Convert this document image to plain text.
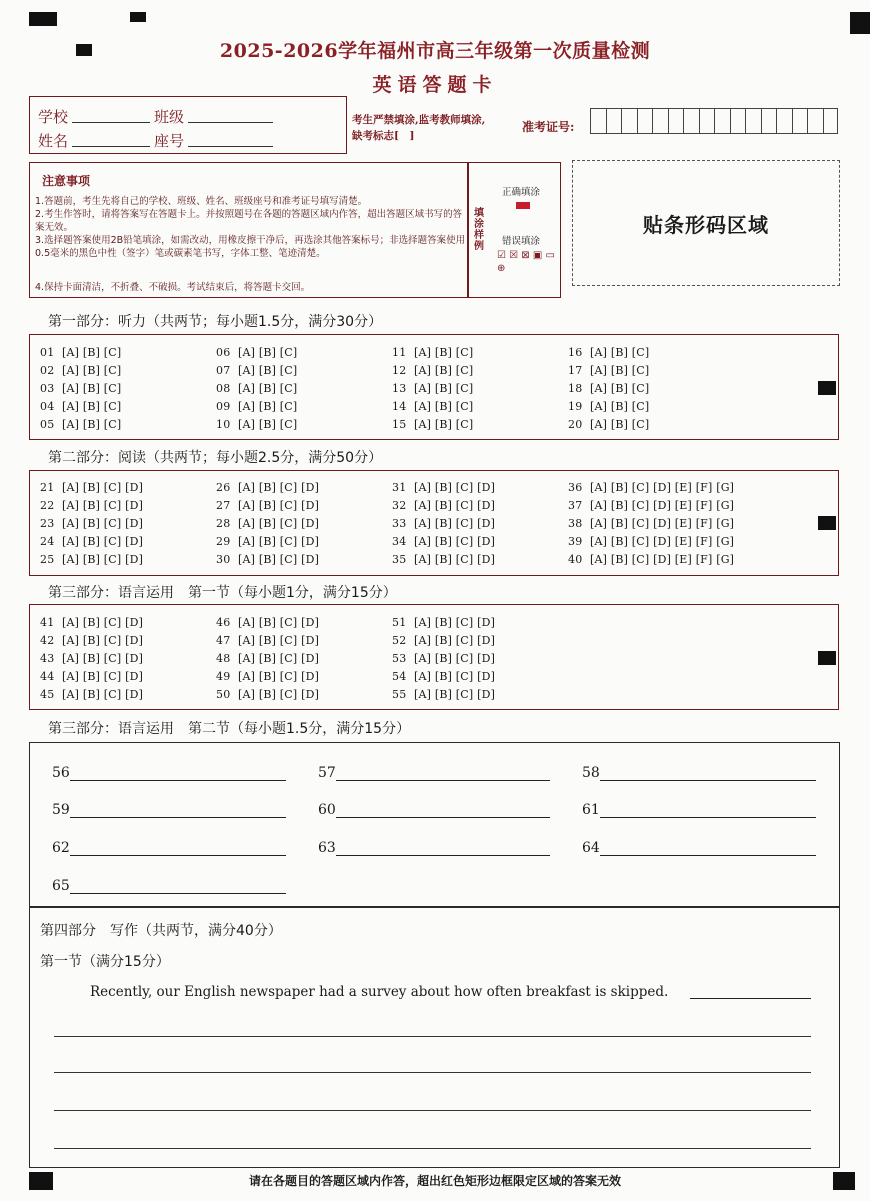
2025-2026学年福州市高三年级第一次质量检测
英语答题卡
学校	班级
姓名	座号
考生严禁填涂,监考教师填涂,
缺考标志[　]
准考证号:
注意事项
1.答题前，考生先将自己的学校、班级、姓名、班级座号和准考证号填写清楚。
2.考生作答时，请将答案写在答题卡上。并按照题号在各题的答题区域内作答，超出答题区域书写的答案无效。
3.选择题答案使用2B铅笔填涂，如需改动，用橡皮擦干净后，再选涂其他答案标号；非选择题答案使用0.5毫米的黑色中性（签字）笔或碳素笔书写，字体工整、笔迹清楚。
4.保持卡面清洁，不折叠、不破损。考试结束后，将答题卡交回。
填涂样例
正确填涂
错误填涂
☑ ☒ ⊠ ▣ ▭ ⊕
贴条形码区域
第一部分：听力（共两节；每小题1.5分，满分30分）
01 [A] [B] [C]
02 [A] [B] [C]
03 [A] [B] [C]
04 [A] [B] [C]
05 [A] [B] [C]
06 [A] [B] [C]
07 [A] [B] [C]
08 [A] [B] [C]
09 [A] [B] [C]
10 [A] [B] [C]
11 [A] [B] [C]
12 [A] [B] [C]
13 [A] [B] [C]
14 [A] [B] [C]
15 [A] [B] [C]
16 [A] [B] [C]
17 [A] [B] [C]
18 [A] [B] [C]
19 [A] [B] [C]
20 [A] [B] [C]
第二部分：阅读（共两节；每小题2.5分，满分50分）
21 [A] [B] [C] [D]
22 [A] [B] [C] [D]
23 [A] [B] [C] [D]
24 [A] [B] [C] [D]
25 [A] [B] [C] [D]
26 [A] [B] [C] [D]
27 [A] [B] [C] [D]
28 [A] [B] [C] [D]
29 [A] [B] [C] [D]
30 [A] [B] [C] [D]
31 [A] [B] [C] [D]
32 [A] [B] [C] [D]
33 [A] [B] [C] [D]
34 [A] [B] [C] [D]
35 [A] [B] [C] [D]
36 [A] [B] [C] [D] [E] [F] [G]
37 [A] [B] [C] [D] [E] [F] [G]
38 [A] [B] [C] [D] [E] [F] [G]
39 [A] [B] [C] [D] [E] [F] [G]
40 [A] [B] [C] [D] [E] [F] [G]
第三部分：语言运用　第一节（每小题1分，满分15分）
41 [A] [B] [C] [D]
42 [A] [B] [C] [D]
43 [A] [B] [C] [D]
44 [A] [B] [C] [D]
45 [A] [B] [C] [D]
46 [A] [B] [C] [D]
47 [A] [B] [C] [D]
48 [A] [B] [C] [D]
49 [A] [B] [C] [D]
50 [A] [B] [C] [D]
51 [A] [B] [C] [D]
52 [A] [B] [C] [D]
53 [A] [B] [C] [D]
54 [A] [B] [C] [D]
55 [A] [B] [C] [D]
第三部分：语言运用　第二节（每小题1.5分，满分15分）
56	57	58
59	60	61
62	63	64
65
第四部分　写作（共两节，满分40分）
第一节（满分15分）
Recently, our English newspaper had a survey about how often breakfast is skipped.
请在各题目的答题区域内作答，超出红色矩形边框限定区域的答案无效
